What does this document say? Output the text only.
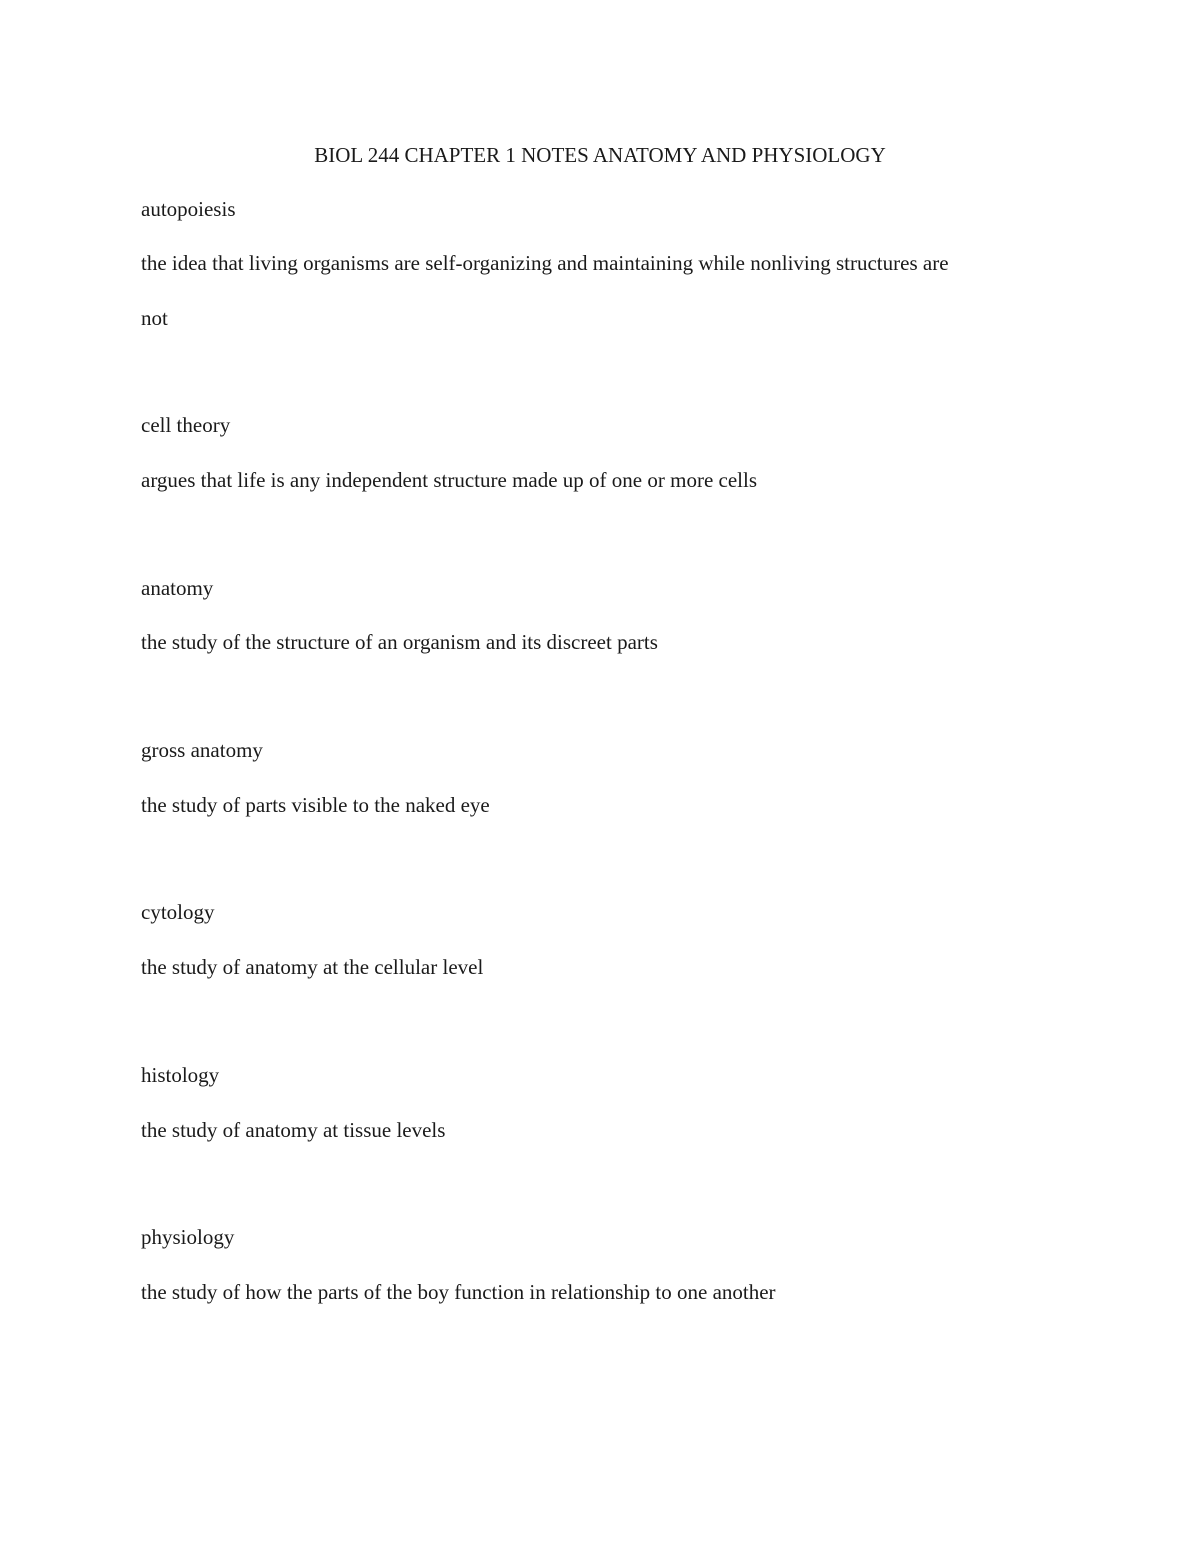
BIOL 244 CHAPTER 1 NOTES ANATOMY AND PHYSIOLOGY
autopoiesis
the idea that living organisms are self-organizing and maintaining while nonliving structures are
not
cell theory
argues that life is any independent structure made up of one or more cells
anatomy
the study of the structure of an organism and its discreet parts
gross anatomy
the study of parts visible to the naked eye
cytology
the study of anatomy at the cellular level
histology
the study of anatomy at tissue levels
physiology
the study of how the parts of the boy function in relationship to one another
